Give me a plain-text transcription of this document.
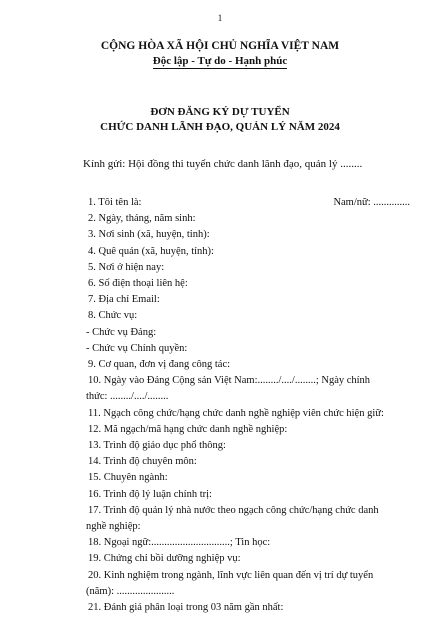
1
CỘNG HÒA XÃ HỘI CHỦ NGHĨA VIỆT NAM
Độc lập - Tự do - Hạnh phúc
ĐƠN ĐĂNG KÝ DỰ TUYỂN
CHỨC DANH LÃNH ĐẠO, QUẢN LÝ NĂM 2024
Kính gửi: Hội đồng thi tuyển chức danh lãnh đạo, quản lý ........
1. Tôi tên là:	Nam/nữ: ..............
2. Ngày, tháng, năm sinh:
3. Nơi sinh (xã, huyện, tỉnh):
4. Quê quán (xã, huyện, tỉnh):
5. Nơi ở hiện nay:
6. Số điện thoại liên hệ:
7. Địa chỉ Email:
8. Chức vụ:
- Chức vụ Đảng:
- Chức vụ Chính quyền:
9. Cơ quan, đơn vị đang công tác:
10. Ngày vào Đảng Cộng sản Việt Nam:......../..../........; Ngày chính
thức: ......../..../........
11. Ngạch công chức/hạng chức danh nghề nghiệp viên chức hiện giữ:
12. Mã ngạch/mã hạng chức danh nghề nghiệp:
13. Trình độ giáo dục phổ thông:
14. Trình độ chuyên môn:
15. Chuyên ngành:
16. Trình độ lý luận chính trị:
17. Trình độ quản lý nhà nước theo ngạch công chức/hạng chức danh
nghề nghiệp:
18. Ngoại ngữ:..............................; Tin học:
19. Chứng chỉ bồi dưỡng nghiệp vụ:
20. Kinh nghiệm trong ngành, lĩnh vực liên quan đến vị trí dự tuyển
(năm): ......................
21. Đánh giá phân loại trong 03 năm gần nhất:
